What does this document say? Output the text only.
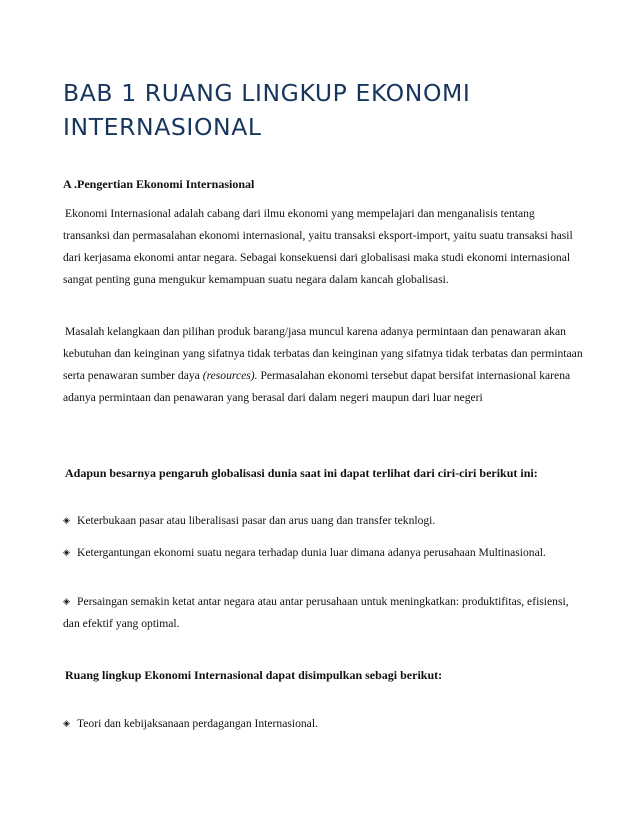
BAB 1 RUANG LINGKUP EKONOMI INTERNASIONAL

A .Pengertian Ekonomi Internasional

Ekonomi Internasional adalah cabang dari ilmu ekonomi yang mempelajari dan menganalisis tentang transanksi dan permasalahan ekonomi internasional, yaitu transaksi eksport-import, yaitu suatu transaksi hasil dari kerjasama ekonomi antar negara. Sebagai konsekuensi dari globalisasi maka studi ekonomi internasional sangat penting guna mengukur kemampuan suatu negara dalam kancah globalisasi.

Masalah kelangkaan dan pilihan produk barang/jasa muncul karena adanya permintaan dan penawaran akan kebutuhan dan keinginan yang sifatnya tidak terbatas dan keinginan yang sifatnya tidak terbatas dan permintaan serta penawaran sumber daya (resources). Permasalahan ekonomi tersebut dapat bersifat internasional karena adanya permintaan dan penawaran yang berasal dari dalam negeri maupun dari luar negeri

Adapun besarnya pengaruh globalisasi dunia saat ini dapat terlihat dari ciri-ciri berikut ini:

◈ Keterbukaan pasar atau liberalisasi pasar dan arus uang dan transfer teknlogi.

◈ Ketergantungan ekonomi suatu negara terhadap dunia luar dimana adanya perusahaan Multinasional.

◈ Persaingan semakin ketat antar negara atau antar perusahaan untuk meningkatkan: produktifitas, efisiensi, dan efektif yang optimal.

Ruang lingkup Ekonomi Internasional dapat disimpulkan sebagi berikut:

◈ Teori dan kebijaksanaan perdagangan Internasional.
